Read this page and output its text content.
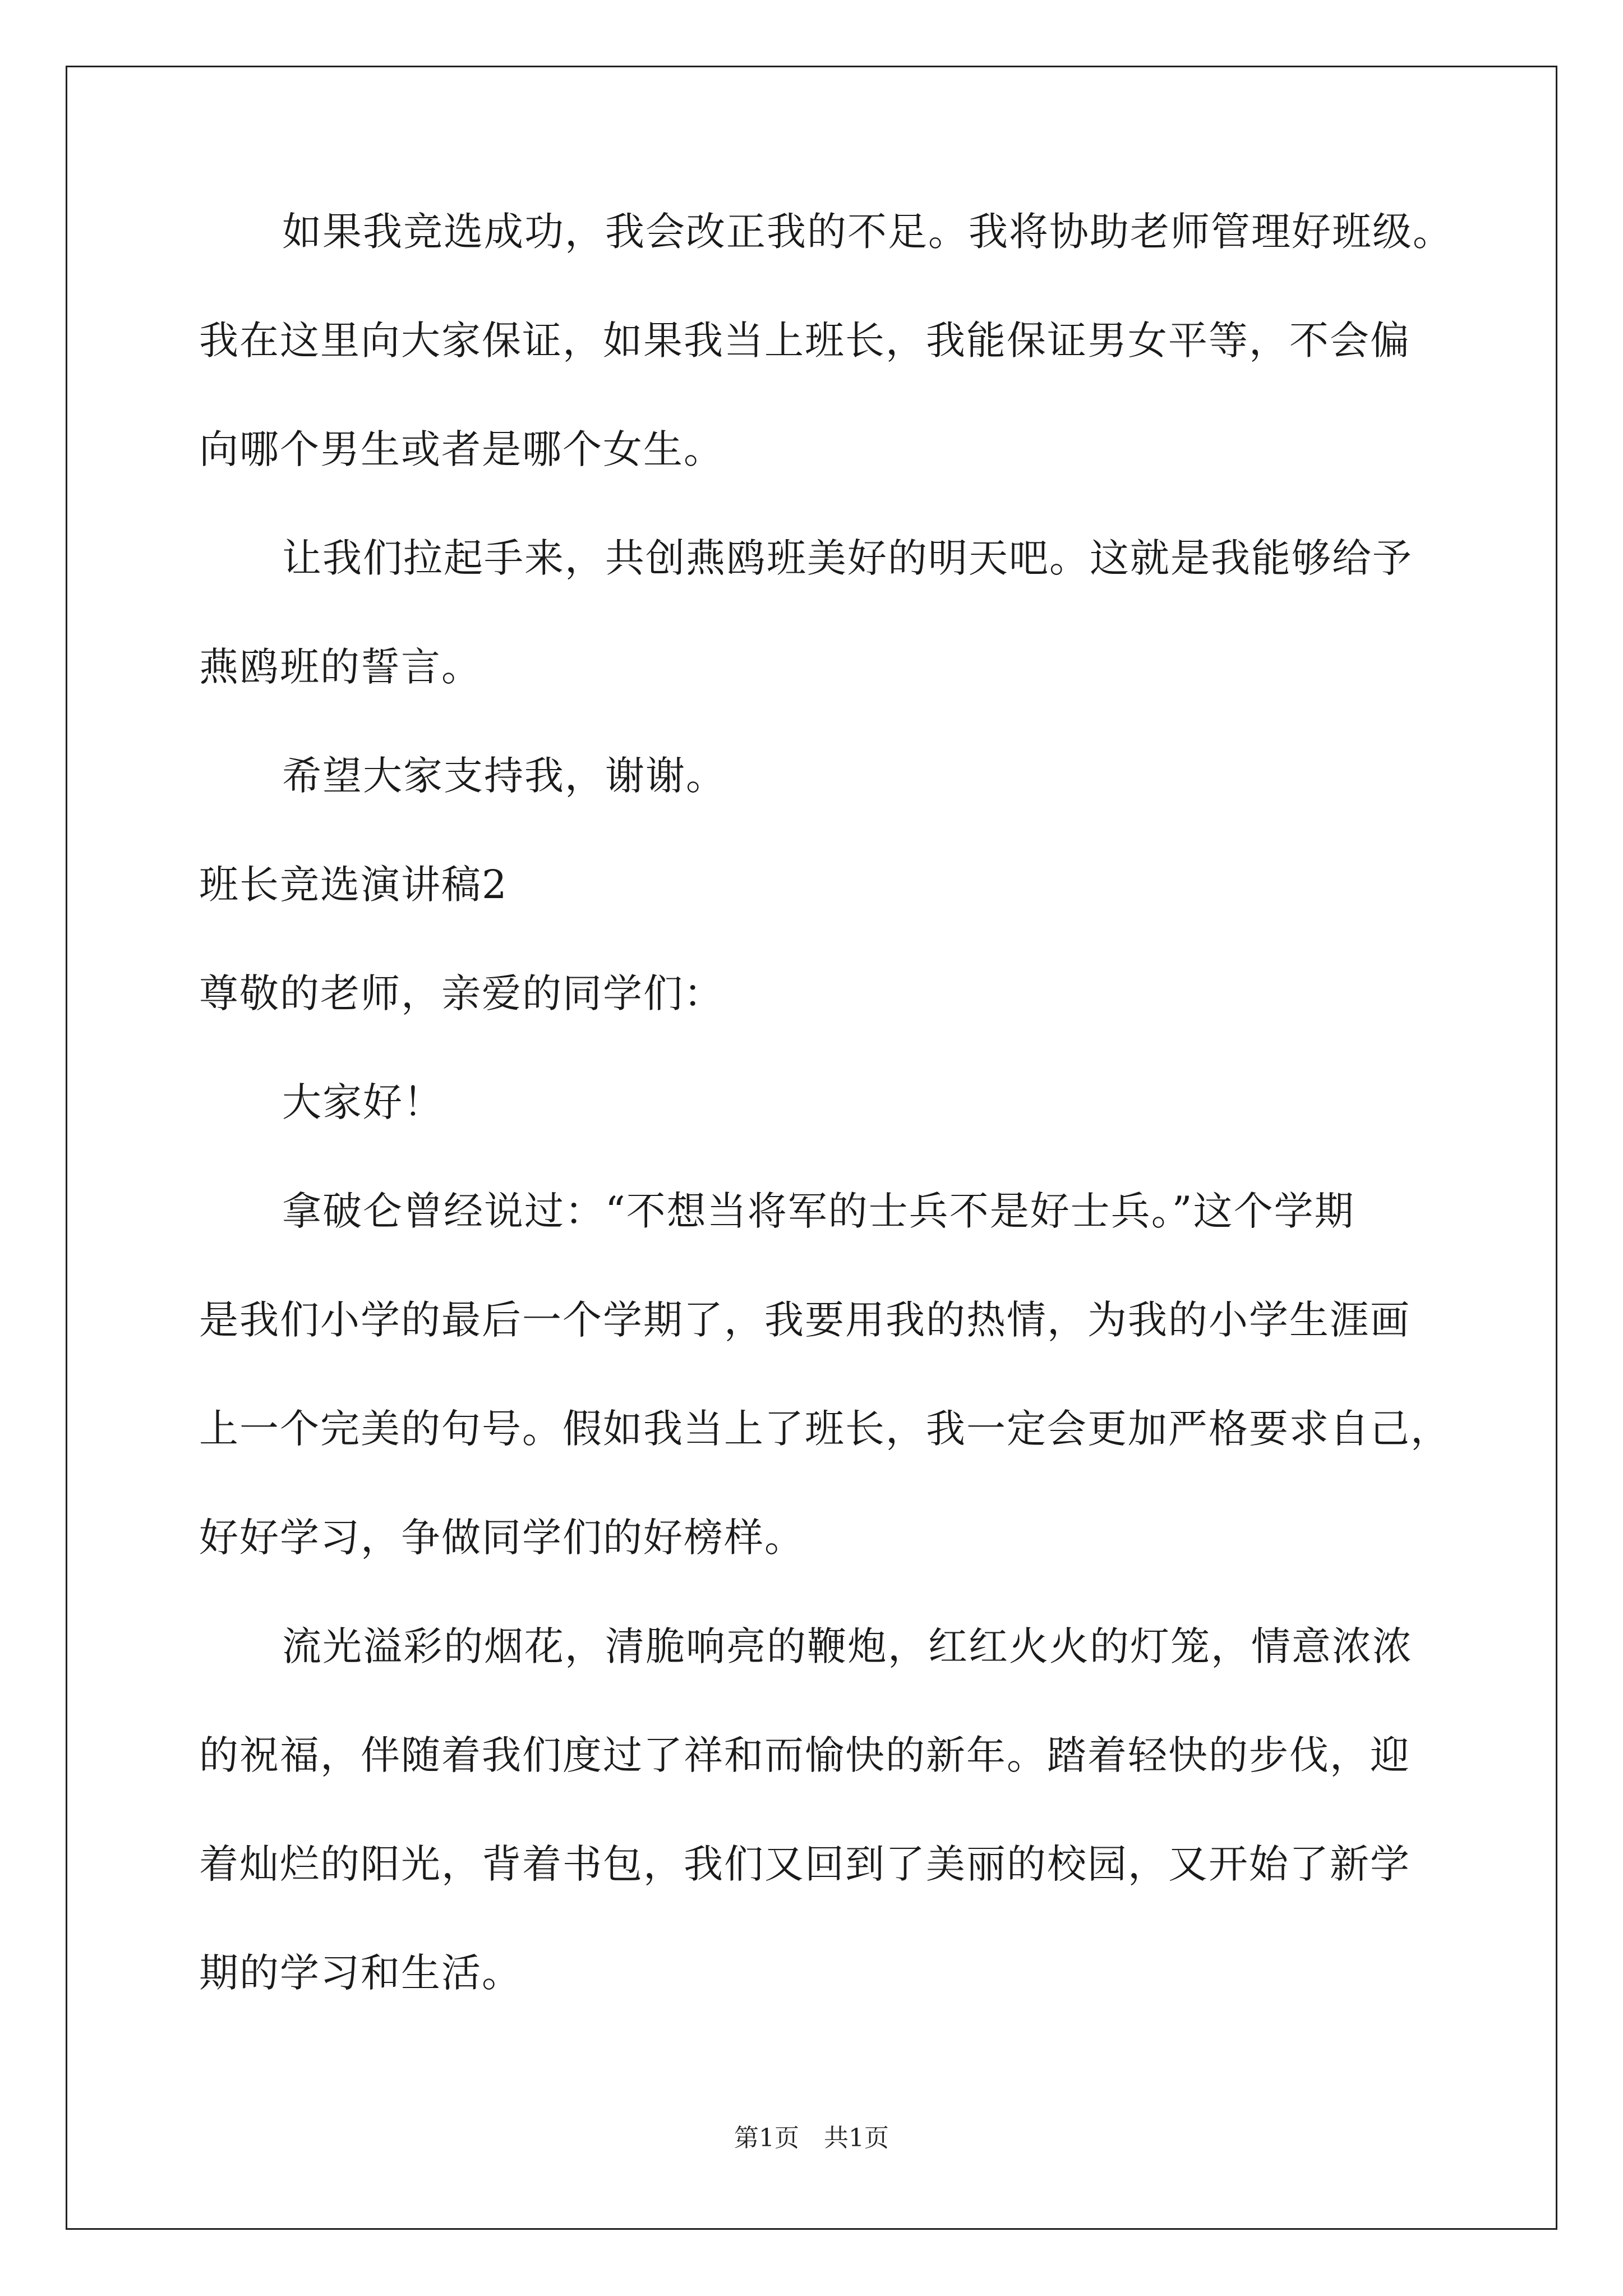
如果我竞选成功，我会改正我的不足。我将协助老师管理好班级。
我在这里向大家保证，如果我当上班长，我能保证男女平等，不会偏
向哪个男生或者是哪个女生。
让我们拉起手来，共创燕鸥班美好的明天吧。这就是我能够给予
燕鸥班的誓言。
希望大家支持我，谢谢。
班长竞选演讲稿2
尊敬的老师，亲爱的同学们：
大家好！
拿破仑曾经说过：“不想当将军的士兵不是好士兵。”这个学期
是我们小学的最后一个学期了，我要用我的热情，为我的小学生涯画
上一个完美的句号。假如我当上了班长，我一定会更加严格要求自己，
好好学习，争做同学们的好榜样。
流光溢彩的烟花，清脆响亮的鞭炮，红红火火的灯笼，情意浓浓
的祝福，伴随着我们度过了祥和而愉快的新年。踏着轻快的步伐，迎
着灿烂的阳光，背着书包，我们又回到了美丽的校园，又开始了新学
期的学习和生活。
第1页　共1页
